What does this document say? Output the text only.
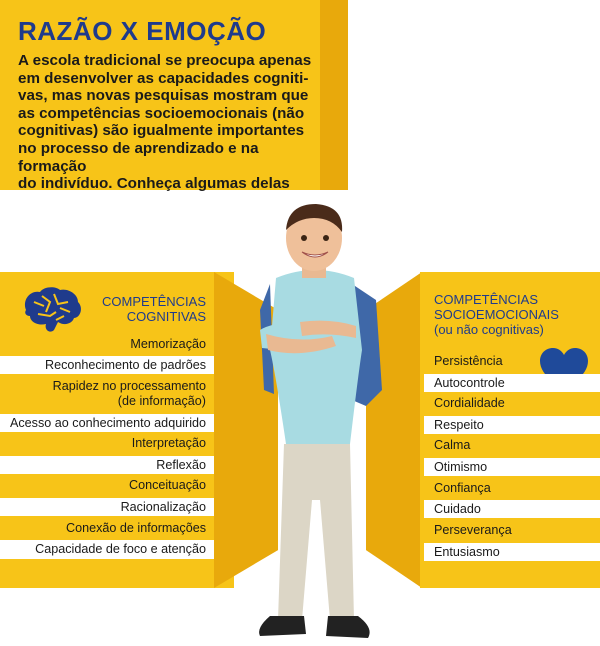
RAZÃO X EMOÇÃO

A escola tradicional se preocupa apenas
em desenvolver as capacidades cogniti-
vas, mas novas pesquisas mostram que
as competências socioemocionais (não
cognitivas) são igualmente importantes
no processo de aprendizado e na formação
do indivíduo. Conheça algumas delas

COMPETÊNCIAS
COGNITIVAS

Memorização
Reconhecimento de padrões
Rapidez no processamento
(de informação)
Acesso ao conhecimento adquirido
Interpretação
Reflexão
Conceituação
Racionalização
Conexão de informações
Capacidade de foco e atenção

COMPETÊNCIAS
SOCIOEMOCIONAIS
(ou não cognitivas)

Persistência
Autocontrole
Cordialidade
Respeito
Calma
Otimismo
Confiança
Cuidado
Perseverança
Entusiasmo
